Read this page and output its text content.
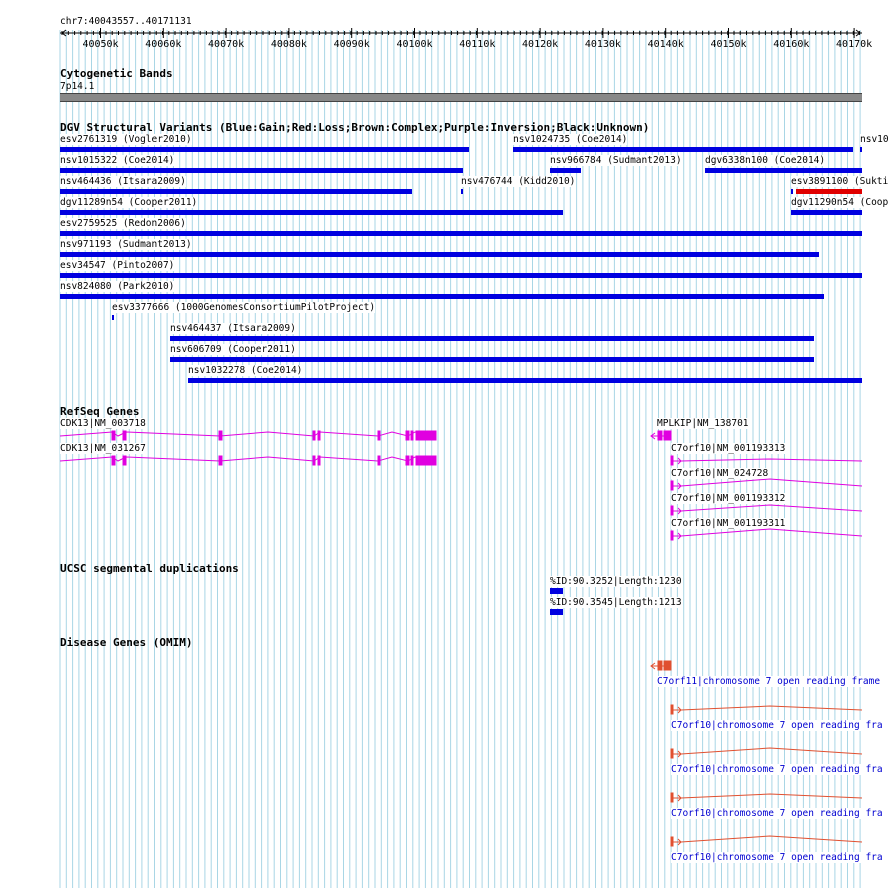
chr7:40043557..40171131
40050k	40060k	40070k	40080k	40090k	40100k	40110k	40120k	40130k	40140k	40150k	40160k	40170k
Cytogenetic Bands
7p14.1
DGV Structural Variants (Blue:Gain;Red:Loss;Brown:Complex;Purple:Inversion;Black:Unknown)
esv2761319 (Vogler2010)	nsv1024735 (Coe2014)	nsv10
nsv1015322 (Coe2014)	nsv966784 (Sudmant2013) dgv6338n100 (Coe2014)
nsv464436 (Itsara2009)	nsv476744 (Kidd2010)	esv3891100 (Sukti
dgv11289n54 (Cooper2011)	dgv11290n54 (Coop
esv2759525 (Redon2006)
nsv971193 (Sudmant2013)
esv34547 (Pinto2007)
nsv824080 (Park2010)
esv3377666 (1000GenomesConsortiumPilotProject)
nsv464437 (Itsara2009)
nsv606709 (Cooper2011)
nsv1032278 (Coe2014)
RefSeq Genes
CDK13|NM_003718
CDK13|NM_031267
MPLKIP|NM_138701
C7orf10|NM_001193313
C7orf10|NM_024728
C7orf10|NM_001193312
C7orf10|NM_001193311
UCSC segmental duplications
%ID:90.3252|Length:1230
%ID:90.3545|Length:1213
Disease Genes (OMIM)
C7orf11|chromosome 7 open reading frame
C7orf10|chromosome 7 open reading fra
C7orf10|chromosome 7 open reading fra
C7orf10|chromosome 7 open reading fra
C7orf10|chromosome 7 open reading fra
